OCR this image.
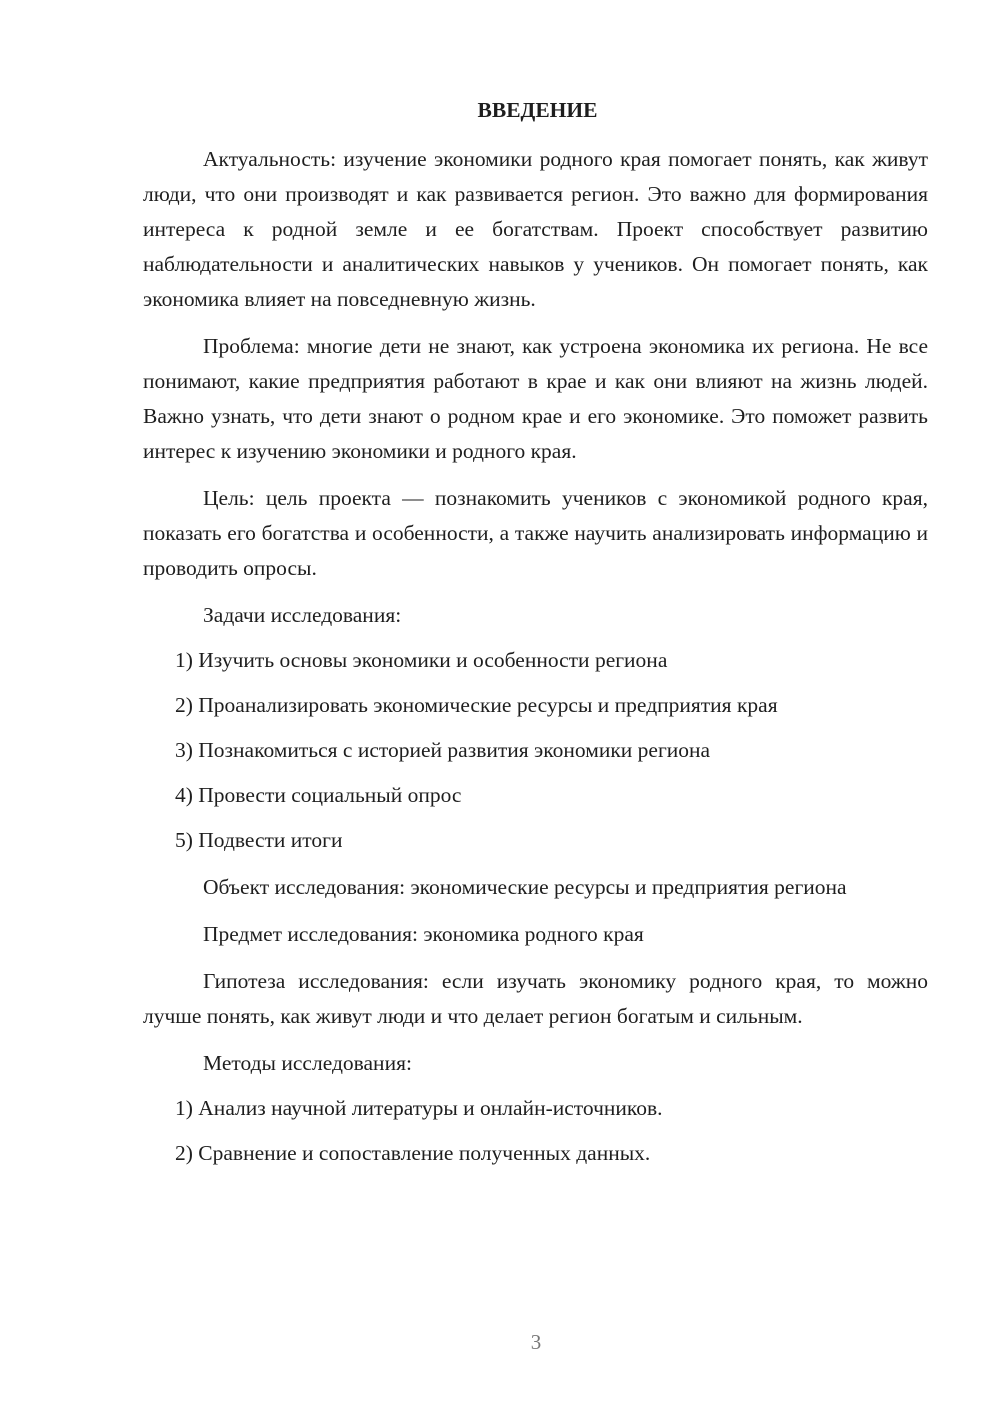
ВВЕДЕНИЕ

Актуальность: изучение экономики родного края помогает понять, как живут люди, что они производят и как развивается регион. Это важно для формирования интереса к родной земле и ее богатствам. Проект способствует развитию наблюдательности и аналитических навыков у учеников. Он помогает понять, как экономика влияет на повседневную жизнь.

Проблема: многие дети не знают, как устроена экономика их региона. Не все понимают, какие предприятия работают в крае и как они влияют на жизнь людей. Важно узнать, что дети знают о родном крае и его экономике. Это поможет развить интерес к изучению экономики и родного края.

Цель: цель проекта — познакомить учеников с экономикой родного края, показать его богатства и особенности, а также научить анализировать информацию и проводить опросы.

Задачи исследования:

1) Изучить основы экономики и особенности региона

2) Проанализировать экономические ресурсы и предприятия края

3) Познакомиться с историей развития экономики региона

4) Провести социальный опрос

5) Подвести итоги

Объект исследования: экономические ресурсы и предприятия региона

Предмет исследования: экономика родного края

Гипотеза исследования: если изучать экономику родного края, то можно лучше понять, как живут люди и что делает регион богатым и сильным.

Методы исследования:

1) Анализ научной литературы и онлайн-источников.

2) Сравнение и сопоставление полученных данных.

3
